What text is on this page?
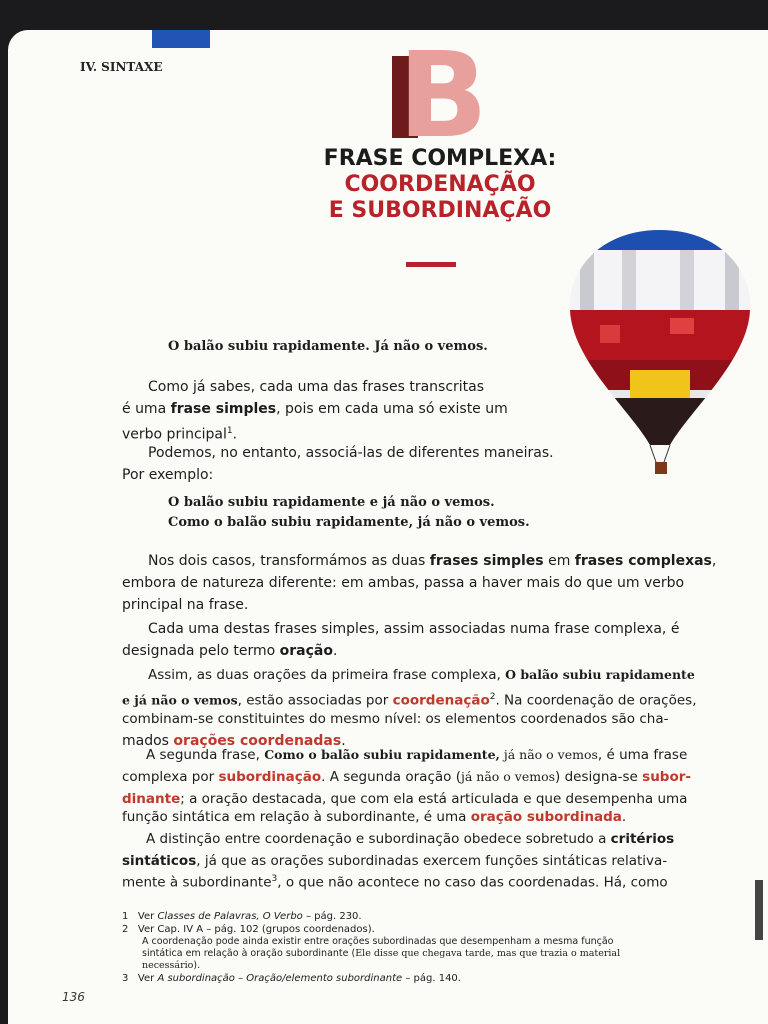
IV. SINTAXE B
FRASE COMPLEXA:
COORDENAÇÃO
E SUBORDINAÇÃO
O balão subiu rapidamente. Já não o vemos.
Como já sabes, cada uma das frases transcritas
é uma frase simples, pois em cada uma só existe um
verbo principal$^1$.
Podemos, no entanto, associá-las de diferentes maneiras.
Por exemplo:
O balão subiu rapidamente e já não o vemos.
Como o balão subiu rapidamente, já não o vemos.
Nos dois casos, transformámos as duas frases simples em frases complexas,
embora de natureza diferente: em ambas, passa a haver mais do que um verbo
principal na frase.
Cada uma destas frases simples, assim associadas numa frase complexa, é
designada pelo termo oração.
Assim, as duas orações da primeira frase complexa, O balão subiu rapidamente
e já não o vemos, estão associadas por coordenação$^2$. Na coordenação de orações,
combinam-se constituintes do mesmo nível: os elementos coordenados são cha-
mados orações coordenadas.
A segunda frase, Como o balão subiu rapidamente, já não o vemos, é uma frase
complexa por subordinação. A segunda oração (já não o vemos) designa-se subor-
dinante; a oração destacada, que com ela está articulada e que desempenha uma
função sintática em relação à subordinante, é uma oração subordinada.
A distinção entre coordenação e subordinação obedece sobretudo a critérios
sintáticos, já que as orações subordinadas exercem funções sintáticas relativa-
mente à subordinante$^3$, o que não acontece no caso das coordenadas. Há, como
1 Ver Classes de Palavras, O Verbo – pág. 230.
2 Ver Cap. IV A – pág. 102 (grupos coordenados).
A coordenação pode ainda existir entre orações subordinadas que desempenham a mesma função
sintática em relação à oração subordinante (Ele disse que chegava tarde, mas que trazia o material
necessário).
3 Ver A subordinação – Oração/elemento subordinante – pág. 140.
136
